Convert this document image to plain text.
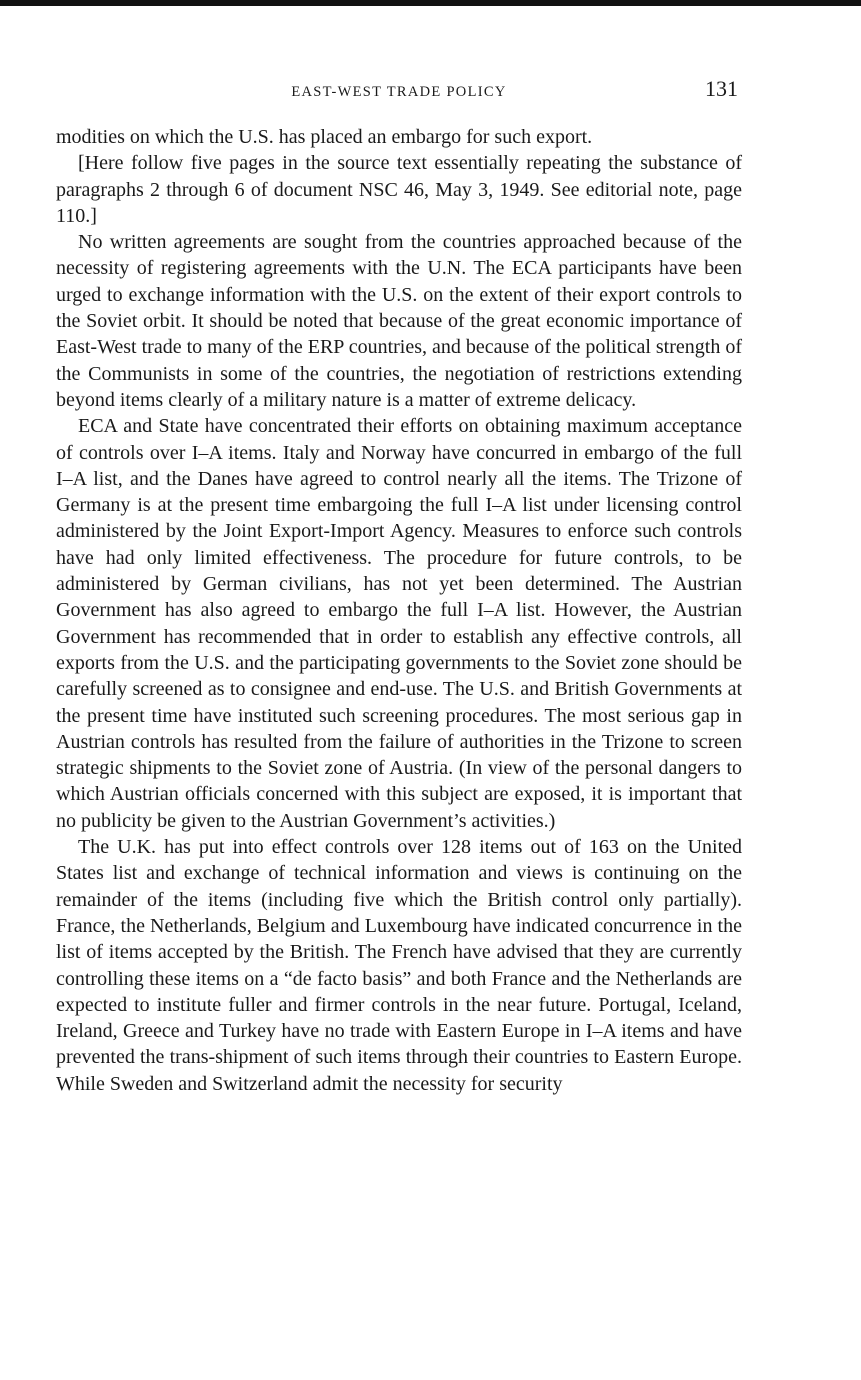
EAST-WEST TRADE POLICY	131

modities on which the U.S. has placed an embargo for such export.

[Here follow five pages in the source text essentially repeating the substance of paragraphs 2 through 6 of document NSC 46, May 3, 1949. See editorial note, page 110.]

No written agreements are sought from the countries approached because of the necessity of registering agreements with the U.N. The ECA participants have been urged to exchange information with the U.S. on the extent of their export controls to the Soviet orbit. It should be noted that because of the great economic importance of East-West trade to many of the ERP countries, and because of the political strength of the Communists in some of the countries, the negotiation of restrictions extending beyond items clearly of a military nature is a matter of extreme delicacy.

ECA and State have concentrated their efforts on obtaining maximum acceptance of controls over I–A items. Italy and Norway have concurred in embargo of the full I–A list, and the Danes have agreed to control nearly all the items. The Trizone of Germany is at the present time embargoing the full I–A list under licensing control administered by the Joint Export-Import Agency. Measures to enforce such controls have had only limited effectiveness. The procedure for future controls, to be administered by German civilians, has not yet been determined. The Austrian Government has also agreed to embargo the full I–A list. However, the Austrian Government has recommended that in order to establish any effective controls, all exports from the U.S. and the participating governments to the Soviet zone should be carefully screened as to consignee and end-use. The U.S. and British Governments at the present time have instituted such screening procedures. The most serious gap in Austrian controls has resulted from the failure of authorities in the Trizone to screen strategic shipments to the Soviet zone of Austria. (In view of the personal dangers to which Austrian officials concerned with this subject are exposed, it is important that no publicity be given to the Austrian Government’s activities.)

The U.K. has put into effect controls over 128 items out of 163 on the United States list and exchange of technical information and views is continuing on the remainder of the items (including five which the British control only partially). France, the Netherlands, Belgium and Luxembourg have indicated concurrence in the list of items accepted by the British. The French have advised that they are currently controlling these items on a “de facto basis” and both France and the Netherlands are expected to institute fuller and firmer controls in the near future. Portugal, Iceland, Ireland, Greece and Turkey have no trade with Eastern Europe in I–A items and have prevented the trans-shipment of such items through their countries to Eastern Europe. While Sweden and Switzerland admit the necessity for security
